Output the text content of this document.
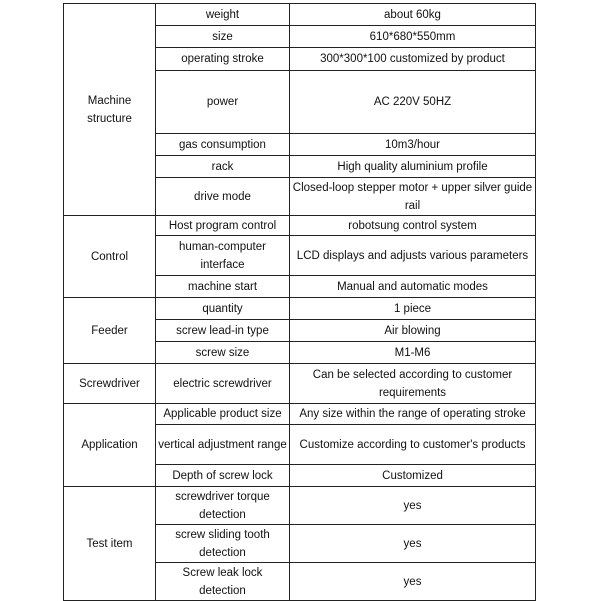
Machine structure	weight	about 60kg
	size	610*680*550mm
	operating stroke	300*300*100 customized by product
	power	AC 220V 50HZ
	gas consumption	10m3/hour
	rack	High quality aluminium profile
	drive mode	Closed-loop stepper motor + upper silver guide rail

Control	Host program control	robotsung control system
	human-computer interface	LCD displays and adjusts various parameters
	machine start	Manual and automatic modes
Feeder	quantity	1 piece
	screw lead-in type	Air blowing
	screw size	M1-M6
Screwdriver	electric screwdriver	Can be selected according to customer requirements
Application	Applicable product size	Any size within the range of operating stroke
	vertical adjustment range	Customize according to customer's products
	Depth of screw lock	Customized
Test item	screwdriver torque detection	yes
	screw sliding tooth detection	yes
	Screw leak lock detection	yes
